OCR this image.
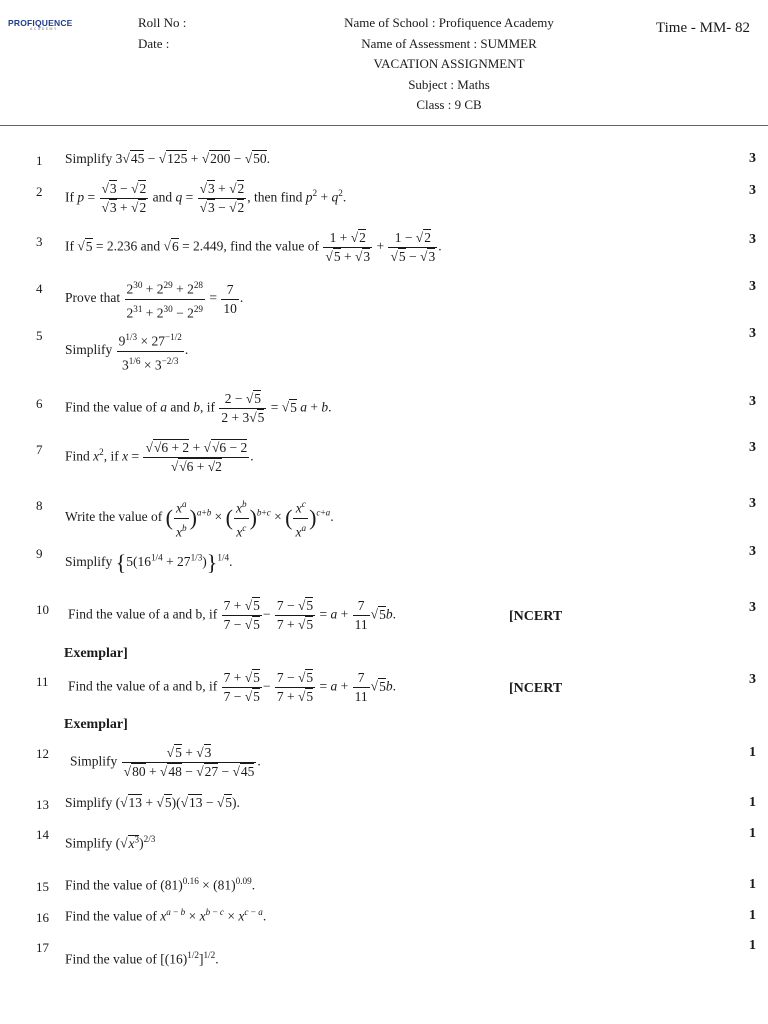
PROFIQUENCE
ACADEMY	Roll No :
Date :
Name of School : Profiquence Academy
Name of Assessment : SUMMER
VACATION ASSIGNMENT
Subject : Maths
Class : 9 CB
Time - MM- 82
1	3
Simplify 3√45 − √125 + √200 − √50.
2	3
If $p = \frac{√3 - √2}{√3 + √2}$ and $q = \frac{√3 + √2}{√3 - √2}$ , then find $p^2 + q^2$.
3	3
If √5 = 2.236 and √6 = 2.449, find the value of $\frac{1 + √2}{√5 + √3} + \frac{1 - √2}{√5 - √3}$ .
4	3
Prove that $\frac{2^{30} + 2^{29} + 2^{28}}{2^{31} + 2^{30} - 2^{29}} = \frac{7}{10}$ .
5	3
Simplify $\frac{9^{1/3} \times 27^{-1/2}}{3^{1/6} \times 3^{-2/3}}$ .
6	3
Find the value of a and b, if $\frac{2 - √5}{2 + 3√5} = √5$ a + b.
7	3
Find $x^2$, if $x = \frac{√√6 + 2 + √√6 - 2}{√√6 + √2}$ .
8	3
Write the value of ( $\frac{x^a}{x^b} )^{a+b}$ × ( $\frac{x^b}{x^c} )^{b+c}$ × ( $\frac{x^c}{x^a} )^{c+a}$.
9	3
Simplify $\{5(16^{1/4} + 27^{1/3})\}^{1/4}$.
10	3
Find the value of a and b, if $\frac{7 + √5}{7 - √5} - \frac{7 - √5}{7 + √5} = a + \frac{7}{11} √5b$.	[NCERT
Exemplar]
11	3
Find the value of a and b, if $\frac{7 + √5}{7 - √5} - \frac{7 - √5}{7 + √5} = a + \frac{7}{11} √5b$.	[NCERT
Exemplar]
12	1
Simplify $\frac{√5 + √3}{√80 + √48 - √27 - √45}$ .
13	1
Simplify (√13 + √5)(√13 − √5).
14	1
Simplify $(√x^3)^{2/3}$
15	1
Find the value of $(81)^{0.16} \times (81)^{0.09}$.
16	1
Find the value of $x^{a - b} \times x^{b - c} \times x^{c - a}$.
17	1
Find the value of $[(16)^{1/2}]^{1/2}$.
